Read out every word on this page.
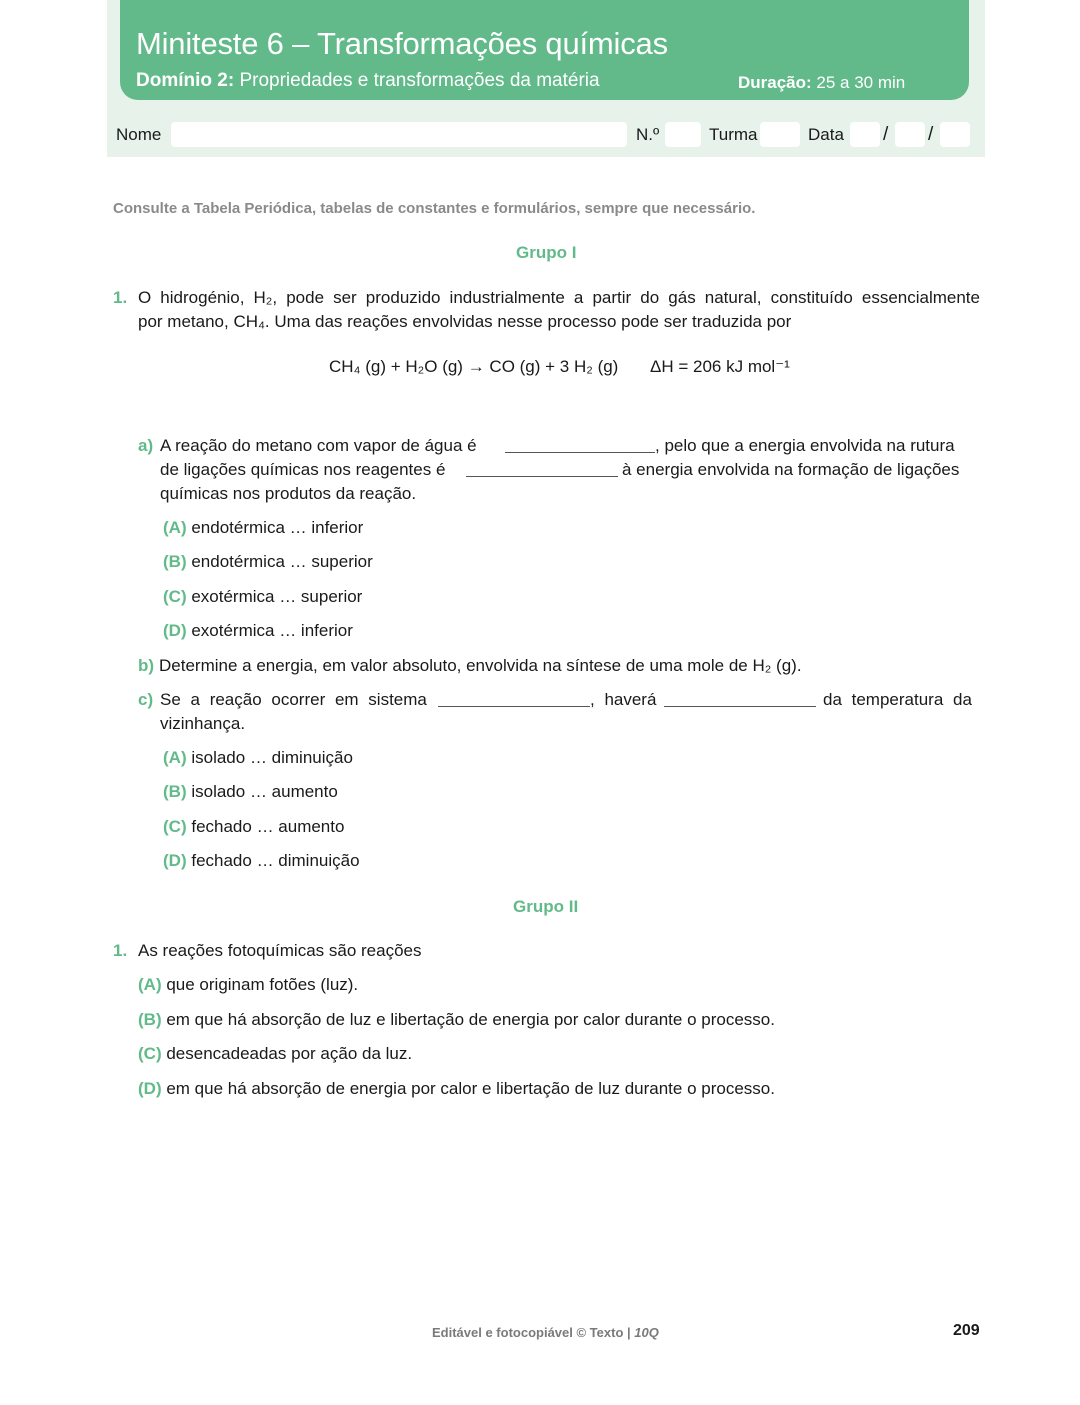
Miniteste 6 – Transformações químicas
Domínio 2: Propriedades e transformações da matéria	Duração: 25 a 30 min
Nome	N.º	Turma	Data / /
Consulte a Tabela Periódica, tabelas de constantes e formulários, sempre que necessário.
Grupo I
1. O hidrogénio, H₂, pode ser produzido industrialmente a partir do gás natural, constituído essencialmente
por metano, CH₄. Uma das reações envolvidas nesse processo pode ser traduzida por
CH₄ (g) + H₂O (g) → CO (g) + 3 H₂ (g) ΔH = 206 kJ mol⁻¹
a) A reação do metano com vapor de água é	, pelo que a energia envolvida na rutura
de ligações químicas nos reagentes é	à energia envolvida na formação de ligações
químicas nos produtos da reação.
(A) endotérmica … inferior
(B) endotérmica … superior
(C) exotérmica … superior
(D) exotérmica … inferior
b) Determine a energia, em valor absoluto, envolvida na síntese de uma mole de H₂ (g).
c) Se a reação ocorrer em sistema	, haverá	da temperatura da
vizinhança.
(A) isolado … diminuição
(B) isolado … aumento
(C) fechado … aumento
(D) fechado … diminuição
Grupo II
1. As reações fotoquímicas são reações
(A) que originam fotões (luz).
(B) em que há absorção de luz e libertação de energia por calor durante o processo.
(C) desencadeadas por ação da luz.
(D) em que há absorção de energia por calor e libertação de luz durante o processo.
Editável e fotocopiável © Texto | 10Q	209
